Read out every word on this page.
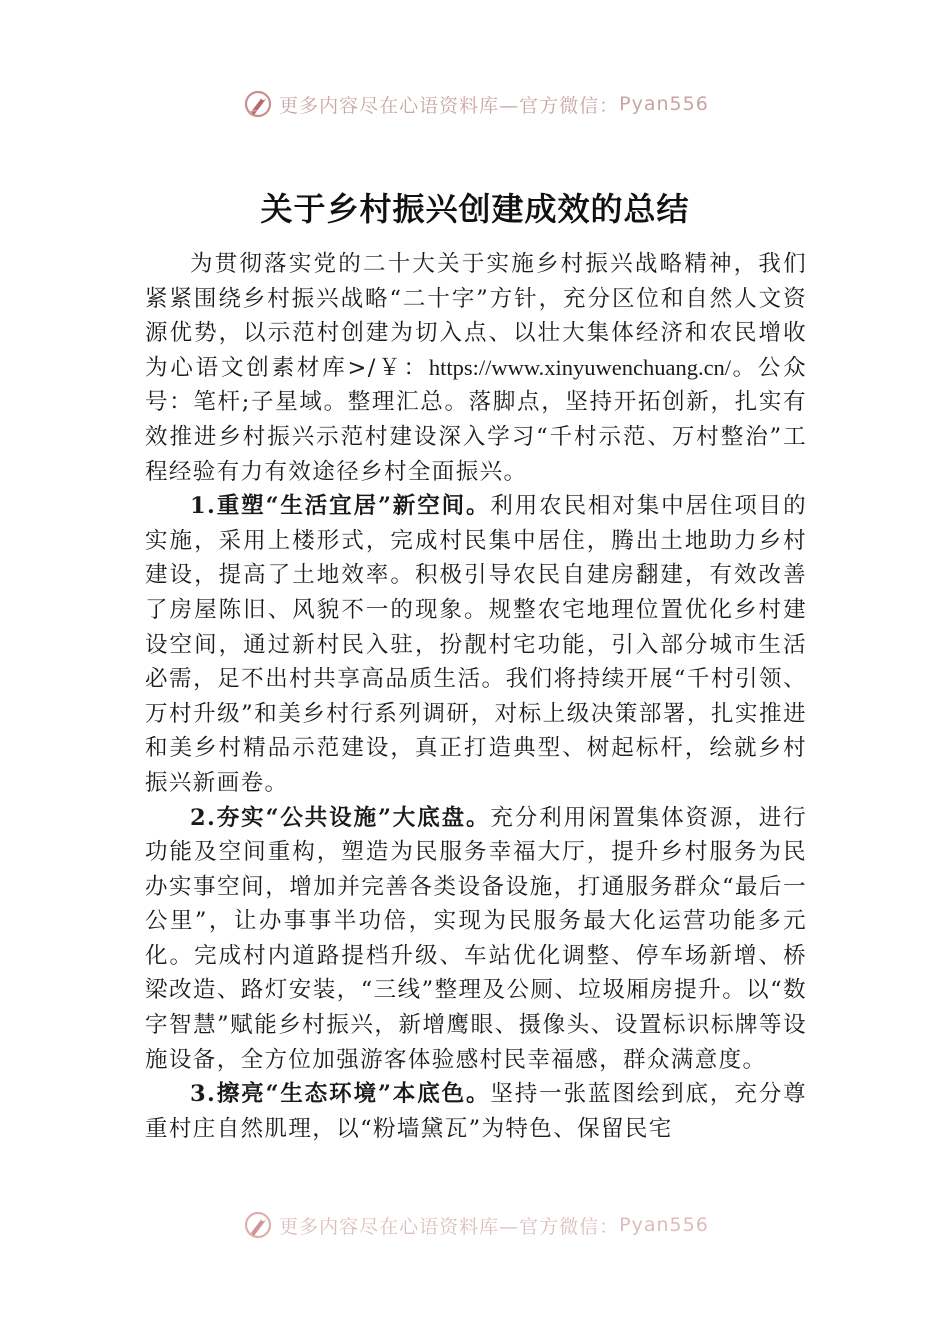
更多内容尽在心语资料库—官方微信： Pyan556
关于乡村振兴创建成效的总结

为贯彻落实党的二十大关于实施乡村振兴战略精神，我们紧紧围绕乡村振兴战略“二十字”方针，充分区位和自然人文资源优势，以示范村创建为切入点、以壮大集体经济和农民增收为心语文创素材库>/￥：https://www.xinyuwenchuang.cn/。公众号：笔杆;子星域。整理汇总。落脚点，坚持开拓创新，扎实有效推进乡村振兴示范村建设深入学习“千村示范、万村整治”工程经验有力有效途径乡村全面振兴。

1.重塑“生活宜居”新空间。利用农民相对集中居住项目的实施，采用上楼形式，完成村民集中居住，腾出土地助力乡村建设，提高了土地效率。积极引导农民自建房翻建，有效改善了房屋陈旧、风貌不一的现象。规整农宅地理位置优化乡村建设空间，通过新村民入驻，扮靓村宅功能，引入部分城市生活必需，足不出村共享高品质生活。我们将持续开展“千村引领、万村升级”和美乡村行系列调研，对标上级决策部署，扎实推进和美乡村精品示范建设，真正打造典型、树起标杆，绘就乡村振兴新画卷。

2.夯实“公共设施”大底盘。充分利用闲置集体资源，进行功能及空间重构，塑造为民服务幸福大厅，提升乡村服务为民办实事空间，增加并完善各类设备设施，打通服务群众“最后一公里”，让办事事半功倍，实现为民服务最大化运营功能多元化。完成村内道路提档升级、车站优化调整、停车场新增、桥梁改造、路灯安装，“三线”整理及公厕、垃圾厢房提升。以“数字智慧”赋能乡村振兴，新增鹰眼、摄像头、设置标识标牌等设施设备，全方位加强游客体验感村民幸福感，群众满意度。

3.擦亮“生态环境”本底色。坚持一张蓝图绘到底，充分尊重村庄自然肌理，以“粉墙黛瓦”为特色、保留民宅

更多内容尽在心语资料库—官方微信： Pyan556
